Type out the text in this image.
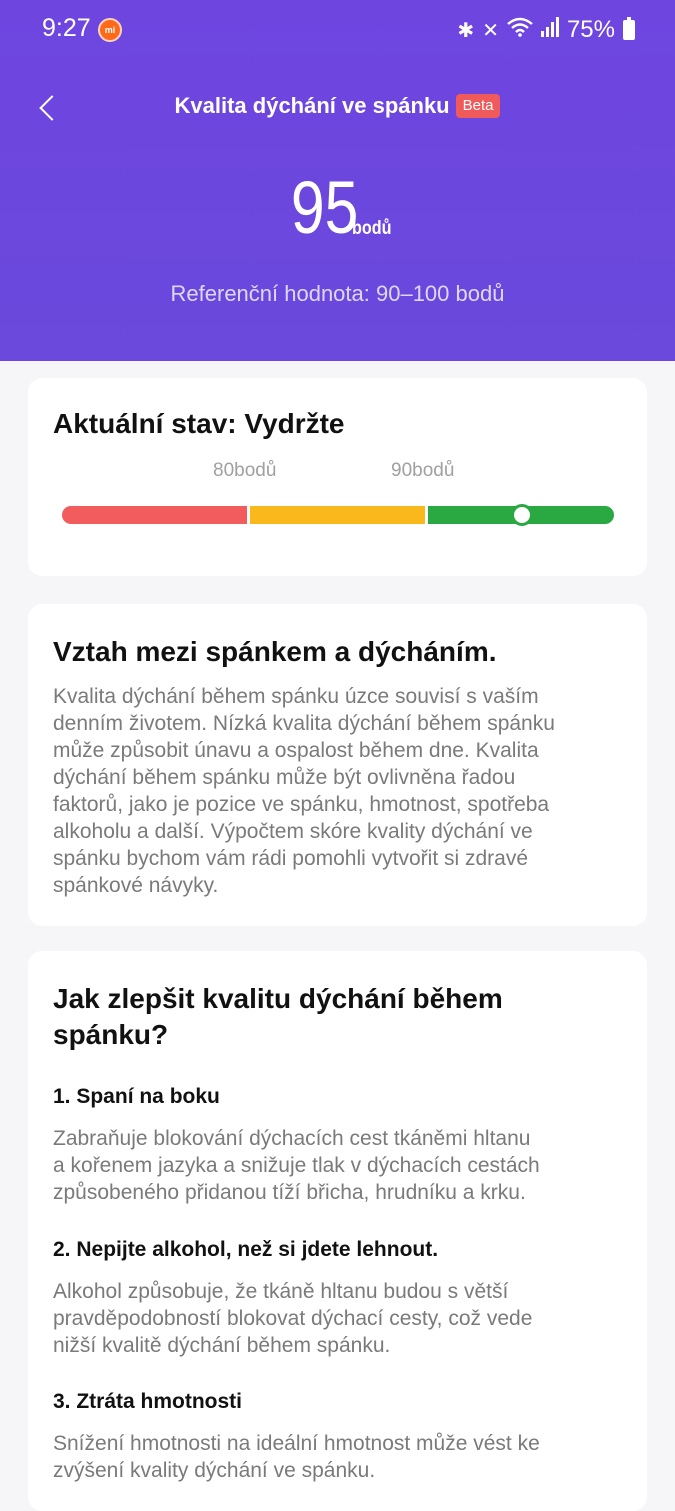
9:27	mi	✱ ✕	75%
Kvalita dýchání ve spánku Beta
95
bodů
Referenční hodnota: 90–100 bodů
Aktuální stav: Vydržte
80bodů	90bodů
Vztah mezi spánkem a dýcháním.
Kvalita dýchání během spánku úzce souvisí s vaším
denním životem. Nízká kvalita dýchání během spánku
může způsobit únavu a ospalost během dne. Kvalita
dýchání během spánku může být ovlivněna řadou
faktorů, jako je pozice ve spánku, hmotnost, spotřeba
alkoholu a další. Výpočtem skóre kvality dýchání ve
spánku bychom vám rádi pomohli vytvořit si zdravé
spánkové návyky.
Jak zlepšit kvalitu dýchání během
spánku?
1. Spaní na boku
Zabraňuje blokování dýchacích cest tkáněmi hltanu
a kořenem jazyka a snižuje tlak v dýchacích cestách
způsobeného přidanou tíží břicha, hrudníku a krku.
2. Nepijte alkohol, než si jdete lehnout.
Alkohol způsobuje, že tkáně hltanu budou s větší
pravděpodobností blokovat dýchací cesty, což vede
nižší kvalitě dýchání během spánku.
3. Ztráta hmotnosti
Snížení hmotnosti na ideální hmotnost může vést ke
zvýšení kvality dýchání ve spánku.
